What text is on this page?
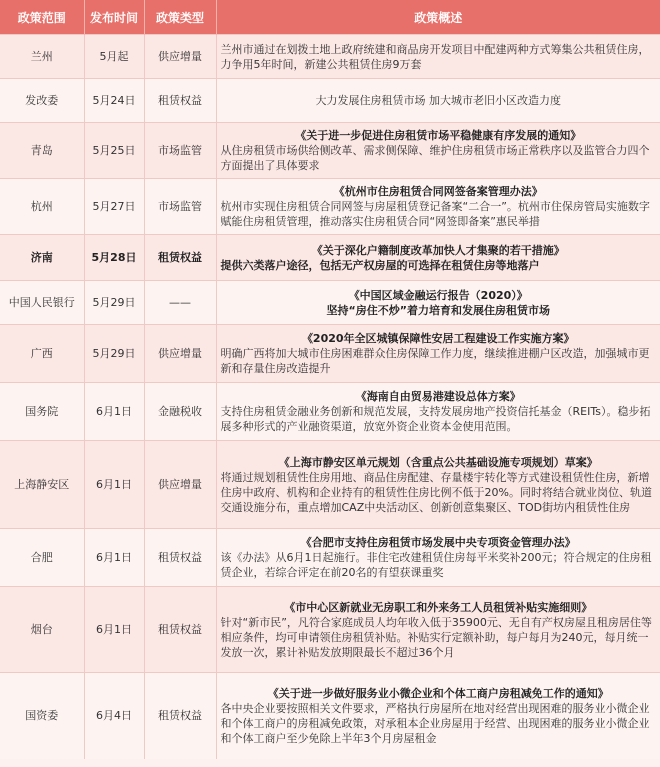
政策范围	发布时间	政策类型	政策概述
兰州	5月起	供应增量	兰州市通过在划拨土地上政府统建和商品房开发项目中配建两种方式筹集公共租赁住房，力争用5年时间，新建公共租赁住房9万套

发改委	5月24日	租赁权益	大力发展住房租赁市场 加大城市老旧小区改造力度

青岛	5月25日	市场监管	《关于进一步促进住房租赁市场平稳健康有序发展的通知》
从住房租赁市场供给侧改革、需求侧保障、维护住房租赁市场正常秩序以及监管合力四个方面提出了具体要求

杭州	5月27日	市场监管	《杭州市住房租赁合同网签备案管理办法》
杭州市实现住房租赁合同网签与房屋租赁登记备案“二合一”。杭州市住保房管局实施数字赋能住房租赁管理，推动落实住房租赁合同“网签即备案”惠民举措

济南	5月28日	租赁权益	《关于深化户籍制度改革加快人才集聚的若干措施》
提供六类落户途径，包括无产权房屋的可选择在租赁住房等地落户

中国人民银行	5月29日	——	《中国区域金融运行报告（2020）》
坚持“房住不炒”着力培育和发展住房租赁市场

广西	5月29日	供应增量	《2020年全区城镇保障性安居工程建设工作实施方案》
明确广西将加大城市住房困难群众住房保障工作力度，继续推进棚户区改造，加强城市更新和存量住房改造提升

国务院	6月1日	金融税收	《海南自由贸易港建设总体方案》
支持住房租赁金融业务创新和规范发展，支持发展房地产投资信托基金（REITs）。稳步拓展多种形式的产业融资渠道，放宽外资企业资本金使用范围。

上海静安区	6月1日	供应增量	《上海市静安区单元规划（含重点公共基础设施专项规划）草案》
将通过规划租赁性住房用地、商品住房配建、存量楼宇转化等方式建设租赁性住房，新增住房中政府、机构和企业持有的租赁性住房比例不低于20%。同时将结合就业岗位、轨道交通设施分布，重点增加CAZ中央活动区、创新创意集聚区、TOD街坊内租赁性住房

合肥	6月1日	租赁权益	《合肥市支持住房租赁市场发展中央专项资金管理办法》
该《办法》从6月1日起施行。非住宅改建租赁住房每平米奖补200元；符合规定的住房租赁企业，若综合评定在前20名的有望获课重奖

烟台	6月1日	租赁权益	《市中心区新就业无房职工和外来务工人员租赁补贴实施细则》
针对“新市民”，凡符合家庭成员人均年收入低于35900元、无自有产权房屋且租房居住等相应条件，均可申请领住房租赁补贴。补贴实行定额补助，每户每月为240元，每月统一发放一次，累计补贴发放期限最长不超过36个月

国资委	6月4日	租赁权益	《关于进一步做好服务业小微企业和个体工商户房租减免工作的通知》
各中央企业要按照相关文件要求，严格执行房屋所在地对经营出现困难的服务业小微企业和个体工商户的房租减免政策，对承租本企业房屋用于经营、出现困难的服务业小微企业和个体工商户至少免除上半年3个月房屋租金
